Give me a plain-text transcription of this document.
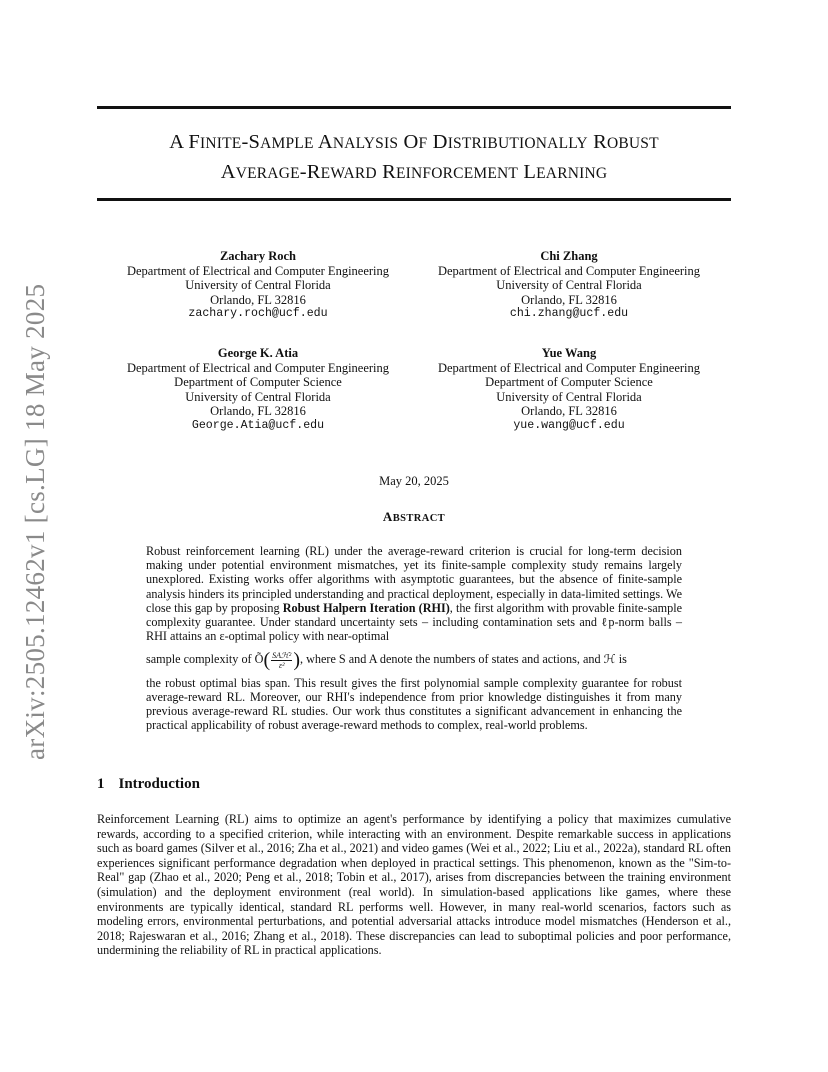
arXiv:2505.12462v1 [cs.LG] 18 May 2025
A FINITE-SAMPLE ANALYSIS OF DISTRIBUTIONALLY ROBUST
AVERAGE-REWARD REINFORCEMENT LEARNING
Zachary Roch
Department of Electrical and Computer Engineering
University of Central Florida
Orlando, FL 32816
zachary.roch@ucf.edu
Chi Zhang
Department of Electrical and Computer Engineering
University of Central Florida
Orlando, FL 32816
chi.zhang@ucf.edu
George K. Atia
Department of Electrical and Computer Engineering
Department of Computer Science
University of Central Florida
Orlando, FL 32816
George.Atia@ucf.edu
Yue Wang
Department of Electrical and Computer Engineering
Department of Computer Science
University of Central Florida
Orlando, FL 32816
yue.wang@ucf.edu
May 20, 2025
ABSTRACT

Robust reinforcement learning (RL) under the average-reward criterion is crucial for long-term decision making under potential environment mismatches, yet its finite-sample complexity study remains largely unexplored. Existing works offer algorithms with asymptotic guarantees, but the absence of finite-sample analysis hinders its principled understanding and practical deployment, especially in data-limited settings. We close this gap by proposing Robust Halpern Iteration (RHI), the first algorithm with provable finite-sample complexity guarantee. Under standard uncertainty sets – including contamination sets and ℓp-norm balls – RHI attains an ε-optimal policy with near-optimal
sample complexity of Õ( $\frac{\text{SAℋ²}}{\text{ε²}}$ ), where S and A denote the numbers of states and actions, and ℋ is
the robust optimal bias span. This result gives the first polynomial sample complexity guarantee for robust average-reward RL. Moreover, our RHI's independence from prior knowledge distinguishes it from many previous average-reward RL studies. Our work thus constitutes a significant advancement in enhancing the practical applicability of robust average-reward methods to complex, real-world problems.

1 Introduction

Reinforcement Learning (RL) aims to optimize an agent's performance by identifying a policy that maximizes cumulative rewards, according to a specified criterion, while interacting with an environment. Despite remarkable success in applications such as board games (Silver et al., 2016; Zha et al., 2021) and video games (Wei et al., 2022; Liu et al., 2022a), standard RL often experiences significant performance degradation when deployed in practical settings. This phenomenon, known as the "Sim-to-Real" gap (Zhao et al., 2020; Peng et al., 2018; Tobin et al., 2017), arises from discrepancies between the training environment (simulation) and the deployment environment (real world). In simulation-based applications like games, where these environments are typically identical, standard RL performs well. However, in many real-world scenarios, factors such as modeling errors, environmental perturbations, and potential adversarial attacks introduce model mismatches (Henderson et al., 2018; Rajeswaran et al., 2016; Zhang et al., 2018). These discrepancies can lead to suboptimal policies and poor performance, undermining the reliability of RL in practical applications.
